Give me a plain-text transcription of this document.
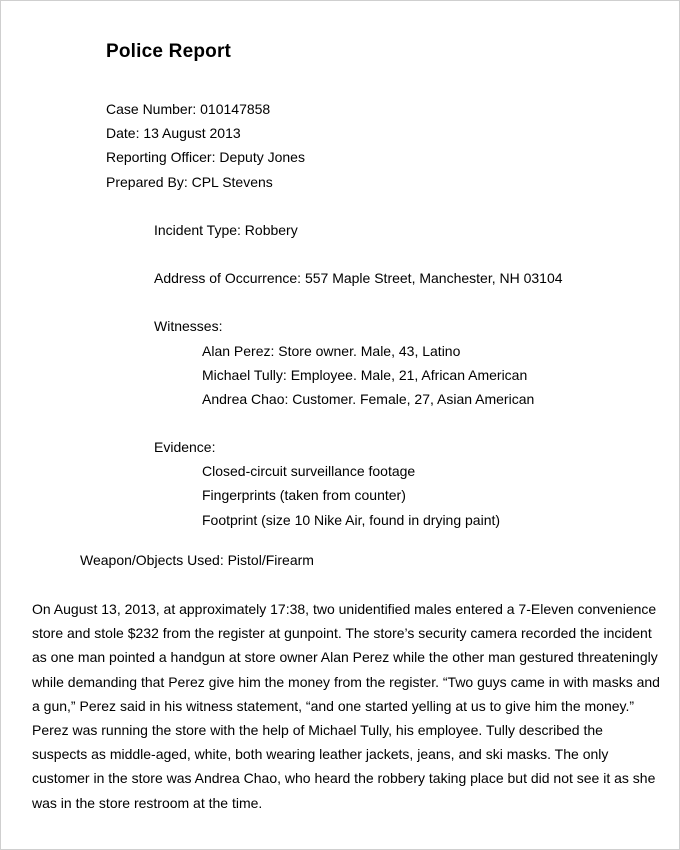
Police Report
Case Number: 010147858
Date: 13 August 2013
Reporting Officer: Deputy Jones
Prepared By: CPL Stevens
Incident Type: Robbery
Address of Occurrence: 557 Maple Street, Manchester, NH 03104
Witnesses:
Alan Perez: Store owner. Male, 43, Latino
Michael Tully: Employee. Male, 21, African American
Andrea Chao: Customer. Female, 27, Asian American
Evidence:
Closed-circuit surveillance footage
Fingerprints (taken from counter)
Footprint (size 10 Nike Air, found in drying paint)
Weapon/Objects Used: Pistol/Firearm

On August 13, 2013, at approximately 17:38, two unidentified males entered a 7-Eleven convenience store and stole $232 from the register at gunpoint. The store’s security camera recorded the incident as one man pointed a handgun at store owner Alan Perez while the other man gestured threateningly while demanding that Perez give him the money from the register. “Two guys came in with masks and a gun,” Perez said in his witness statement, “and one started yelling at us to give him the money.” Perez was running the store with the help of Michael Tully, his employee. Tully described the suspects as middle-aged, white, both wearing leather jackets, jeans, and ski masks. The only customer in the store was Andrea Chao, who heard the robbery taking place but did not see it as she was in the store restroom at the time.
